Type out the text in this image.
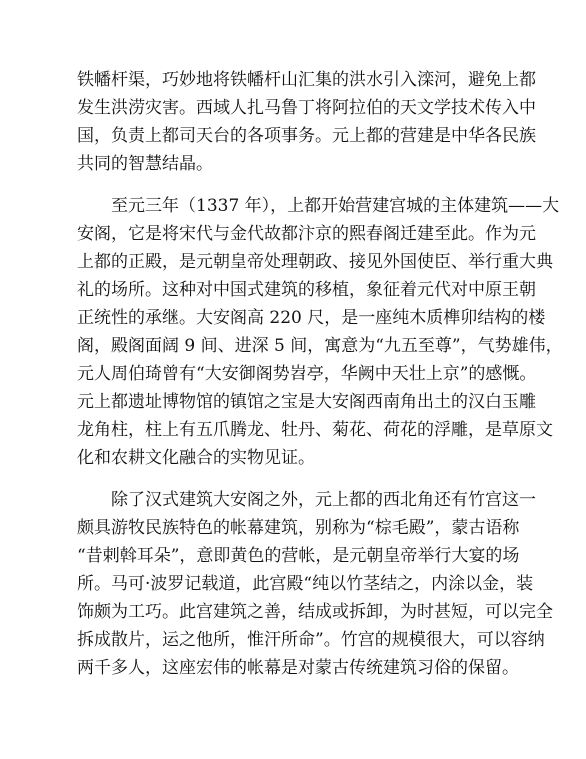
铁幡杆渠，巧妙地将铁幡杆山汇集的洪水引入滦河，避免上都
发生洪涝灾害。西域人扎马鲁丁将阿拉伯的天文学技术传入中
国，负责上都司天台的各项事务。元上都的营建是中华各民族
共同的智慧结晶。
至元三年（1337 年），上都开始营建宫城的主体建筑——大
安阁，它是将宋代与金代故都汴京的熙春阁迁建至此。作为元
上都的正殿，是元朝皇帝处理朝政、接见外国使臣、举行重大典
礼的场所。这种对中国式建筑的移植，象征着元代对中原王朝
正统性的承继。大安阁高 220 尺，是一座纯木质榫卯结构的楼
阁，殿阁面阔 9 间、进深 5 间，寓意为“九五至尊”，气势雄伟，
元人周伯琦曾有“大安御阁势岧亭，华阙中天壮上京”的感慨。
元上都遗址博物馆的镇馆之宝是大安阁西南角出土的汉白玉雕
龙角柱，柱上有五爪腾龙、牡丹、菊花、荷花的浮雕，是草原文
化和农耕文化融合的实物见证。
除了汉式建筑大安阁之外，元上都的西北角还有竹宫这一
颇具游牧民族特色的帐幕建筑，别称为“棕毛殿”，蒙古语称
“昔剌斡耳朵”，意即黄色的营帐，是元朝皇帝举行大宴的场
所。马可·波罗记载道，此宫殿“纯以竹茎结之，内涂以金，装
饰颇为工巧。此宫建筑之善，结成或拆卸，为时甚短，可以完全
拆成散片，运之他所，惟汗所命”。竹宫的规模很大，可以容纳
两千多人，这座宏伟的帐幕是对蒙古传统建筑习俗的保留。
